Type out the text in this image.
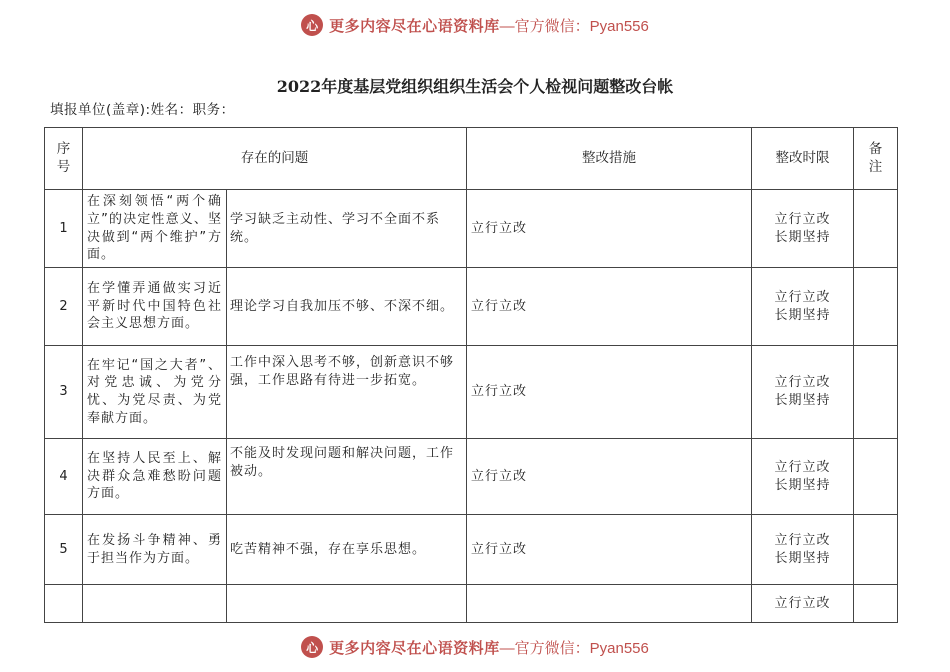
心 更多内容尽在心语资料库 —官方微信：Pyan556
2022年度基层党组织组织生活会个人检视问题整改台帐
填报单位(盖章):姓名：职务：
序号	存在的问题		整改措施	整改时限	备注

1	在深刻领悟“两个确立”的决定性意义、坚决做到“两个维护”方面。	学习缺乏主动性、学习不全面不系统。	立行立改	立行立改
长期坚持	

2	在学懂弄通做实习近平新时代中国特色社会主义思想方面。	理论学习自我加压不够、不深不细。	立行立改	立行立改
长期坚持	

3	在牢记“国之大者”、对党忠诚、为党分忧、为党尽责、为党奉献方面。	工作中深入思考不够，创新意识不够强，工作思路有待进一步拓宽。	立行立改	立行立改
长期坚持	

4	在坚持人民至上、解决群众急难愁盼问题方面。	不能及时发现问题和解决问题，工作被动。	立行立改	立行立改
长期坚持	

5	在发扬斗争精神、勇于担当作为方面。	吃苦精神不强，存在享乐思想。	立行立改	立行立改
长期坚持	

				立行立改	

心 更多内容尽在心语资料库 —官方微信：Pyan556
